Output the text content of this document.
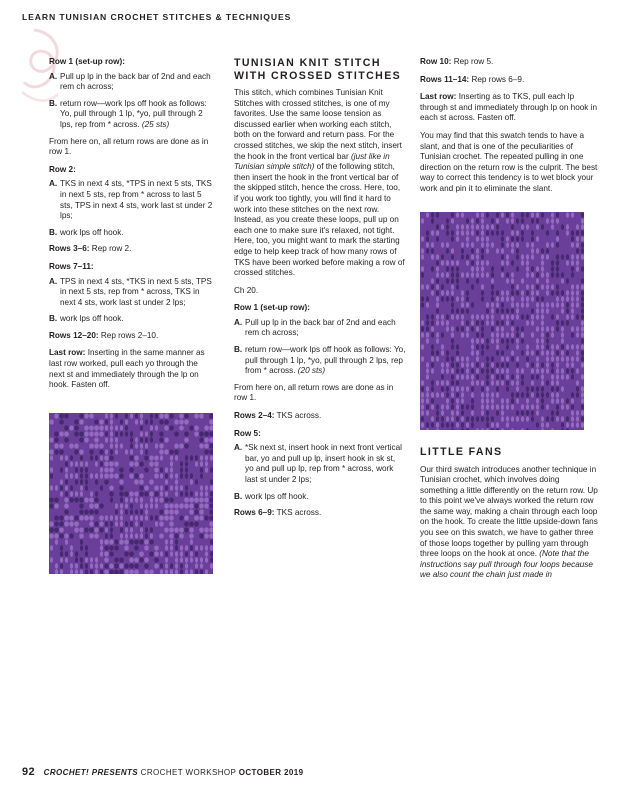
LEARN TUNISIAN CROCHET STITCHES & TECHNIQUES

Row 1 (set-up row):

A. Pull up lp in the back bar of 2nd and each rem ch across;
B. return row—work lps off hook as follows: Yo, pull through 1 lp, *yo, pull through 2 lps, rep from * across. (25 sts)

From here on, all return rows are done as in row 1.

Row 2:

A. TKS in next 4 sts, *TPS in next 5 sts, TKS in next 5 sts, rep from * across to last 5 sts, TPS in next 4 sts, work last st under 2 lps;
B. work lps off hook.

Rows 3–6: Rep row 2.

Rows 7–11:

A. TPS in next 4 sts, *TKS in next 5 sts, TPS in next 5 sts, rep from * across, TKS in next 4 sts, work last st under 2 lps;
B. work lps off hook.

Rows 12–20: Rep rows 2–10.

Last row: Inserting in the same manner as last row worked, pull each yo through the next st and immediately through the lp on hook. Fasten off.

TUNISIAN KNIT STITCH
WITH CROSSED STITCHES

This stitch, which combines Tunisian Knit Stitches with crossed stitches, is one of my favorites. Use the same loose tension as discussed earlier when working each stitch, both on the forward and return pass. For the crossed stitches, we skip the next stitch, insert the hook in the front vertical bar (just like in Tunisian simple stitch) of the following stitch, then insert the hook in the front vertical bar of the skipped stitch, hence the cross. Here, too, if you work too tightly, you will find it hard to work into these stitches on the next row. Instead, as you create these loops, pull up on each one to make sure it's relaxed, not tight. Here, too, you might want to mark the starting edge to help keep track of how many rows of TKS have been worked before making a row of crossed stitches.

Ch 20.

Row 1 (set-up row):

A. Pull up lp in the back bar of 2nd and each rem ch across;
B. return row—work lps off hook as follows: Yo, pull through 1 lp, *yo, pull through 2 lps, rep from * across. (20 sts)

From here on, all return rows are done as in row 1.

Rows 2–4: TKS across.

Row 5:

A. *Sk next st, insert hook in next front vertical bar, yo and pull up lp, insert hook in sk st, yo and pull up lp, rep from * across, work last st under 2 lps;
B. work lps off hook.

Rows 6–9: TKS across.

Row 10: Rep row 5.

Rows 11–14: Rep rows 6–9.

Last row: Inserting as to TKS, pull each lp through st and immediately through lp on hook in each st across. Fasten off.

You may find that this swatch tends to have a slant, and that is one of the peculiarities of Tunisian crochet. The repeated pulling in one direction on the return row is the culprit. The best way to correct this tendency is to wet block your work and pin it to eliminate the slant.

LITTLE FANS

Our third swatch introduces another technique in Tunisian crochet, which involves doing something a little differently on the return row. Up to this point we've always worked the return row the same way, making a chain through each loop on the hook. To create the little upside-down fans you see on this swatch, we have to gather three of those loops together by pulling yarn through three loops on the hook at once. (Note that the instructions say pull through four loops because we also count the chain just made in

92 CROCHET! PRESENTS CROCHET WORKSHOP OCTOBER 2019
